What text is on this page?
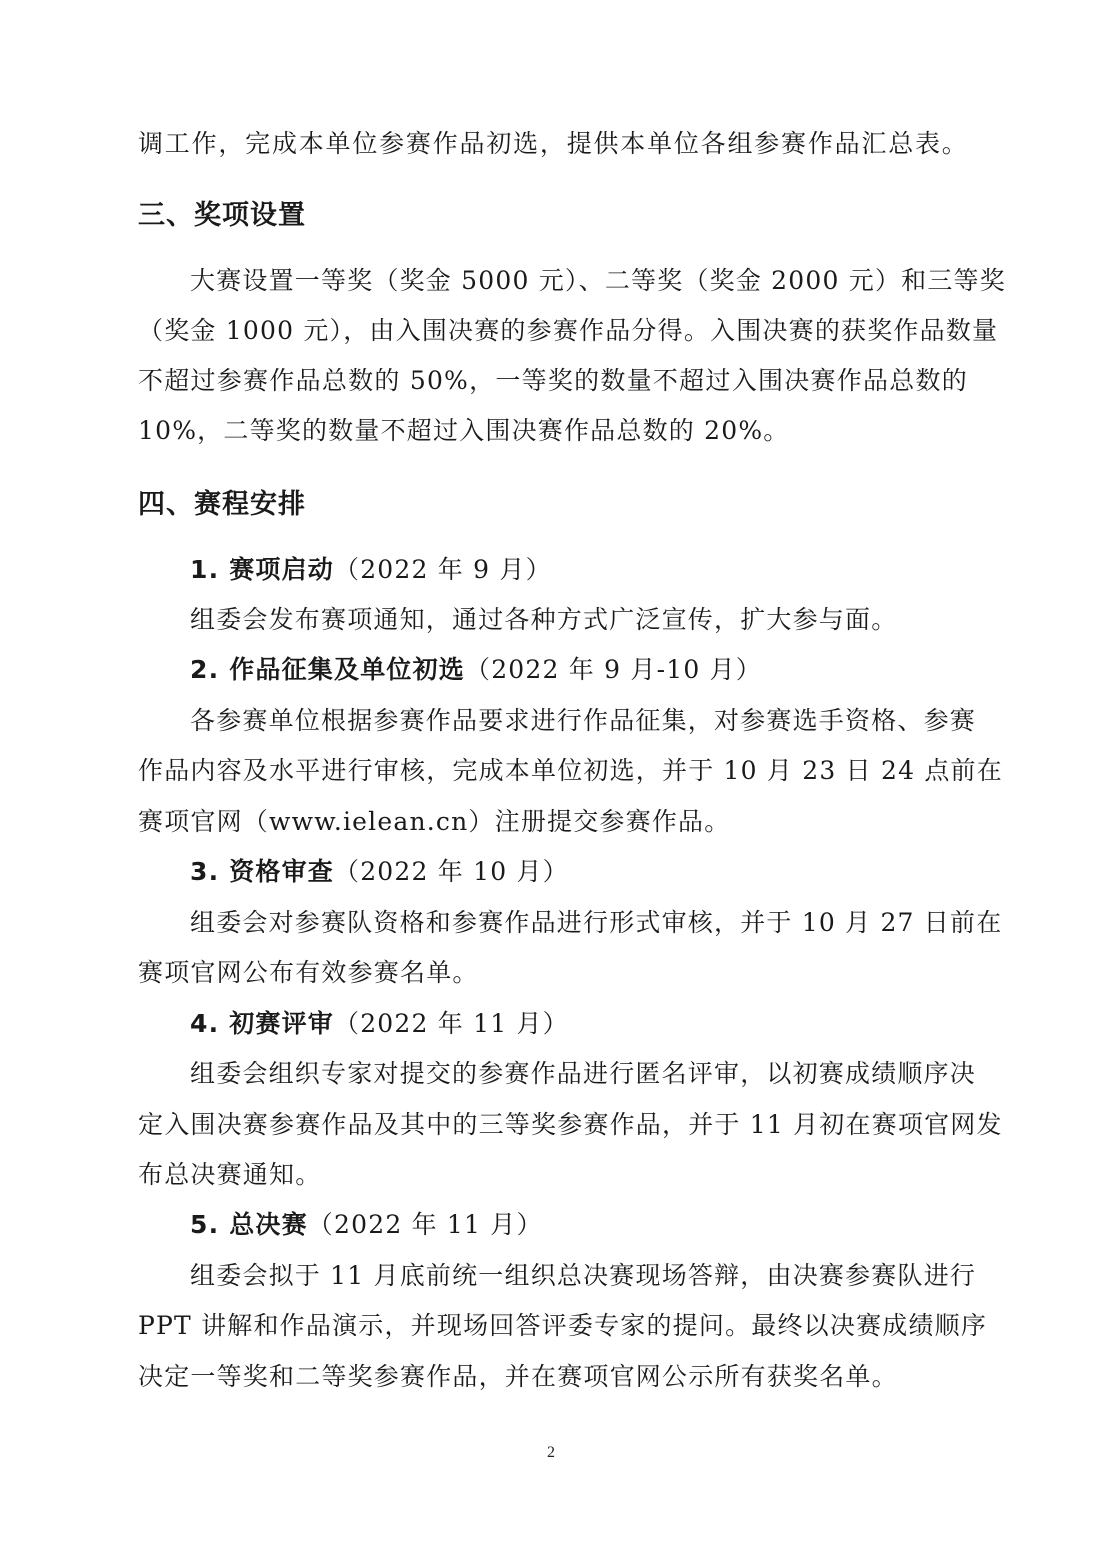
调工作，完成本单位参赛作品初选，提供本单位各组参赛作品汇总表。
三、奖项设置
大赛设置一等奖（奖金 5000 元）、二等奖（奖金 2000 元）和三等奖
（奖金 1000 元），由入围决赛的参赛作品分得。入围决赛的获奖作品数量
不超过参赛作品总数的 50%，一等奖的数量不超过入围决赛作品总数的
10%，二等奖的数量不超过入围决赛作品总数的 20%。
四、赛程安排
1. 赛项启动（2022 年 9 月）
组委会发布赛项通知，通过各种方式广泛宣传，扩大参与面。
2. 作品征集及单位初选（2022 年 9 月-10 月）
各参赛单位根据参赛作品要求进行作品征集，对参赛选手资格、参赛
作品内容及水平进行审核，完成本单位初选，并于 10 月 23 日 24 点前在
赛项官网（www.ielean.cn）注册提交参赛作品。
3. 资格审查（2022 年 10 月）
组委会对参赛队资格和参赛作品进行形式审核，并于 10 月 27 日前在
赛项官网公布有效参赛名单。
4. 初赛评审（2022 年 11 月）
组委会组织专家对提交的参赛作品进行匿名评审，以初赛成绩顺序决
定入围决赛参赛作品及其中的三等奖参赛作品，并于 11 月初在赛项官网发
布总决赛通知。
5. 总决赛（2022 年 11 月）
组委会拟于 11 月底前统一组织总决赛现场答辩，由决赛参赛队进行
PPT 讲解和作品演示，并现场回答评委专家的提问。最终以决赛成绩顺序
决定一等奖和二等奖参赛作品，并在赛项官网公示所有获奖名单。
2
